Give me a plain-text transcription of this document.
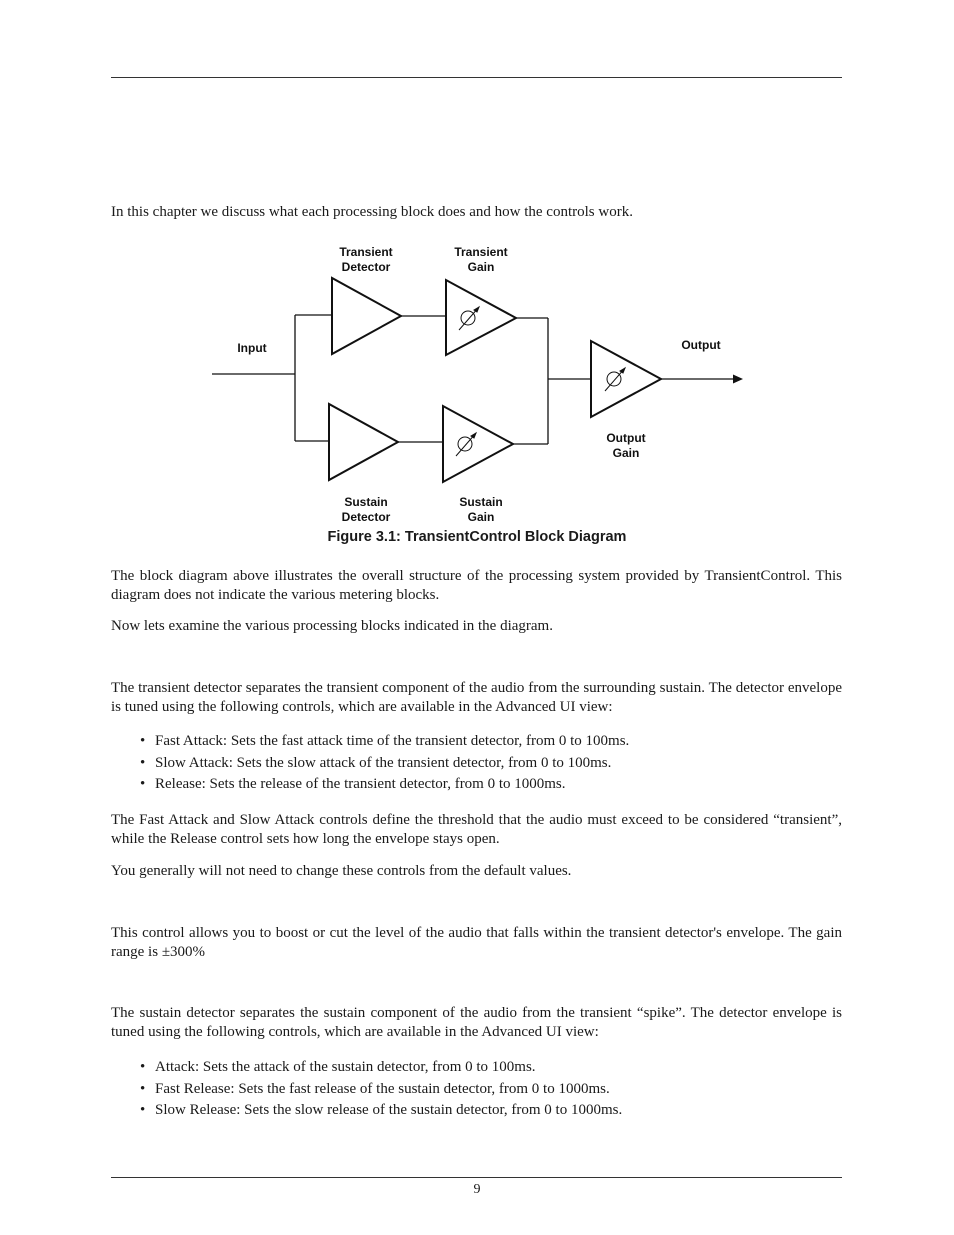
In this chapter we discuss what each processing block does and how the controls work.

Input	Output
Transient
Detector
Transient
Gain
Sustain
Detector
Sustain
Gain
Output
Gain
Figure 3.1: TransientControl Block Diagram

The block diagram above illustrates the overall structure of the processing system provided by TransientControl. This diagram does not indicate the various metering blocks.

Now lets examine the various processing blocks indicated in the diagram.

The transient detector separates the transient component of the audio from the surrounding sustain. The detector envelope is tuned using the following controls, which are available in the Advanced UI view:

• Fast Attack: Sets the fast attack time of the transient detector, from 0 to 100ms.
• Slow Attack: Sets the slow attack of the transient detector, from 0 to 100ms.
• Release: Sets the release of the transient detector, from 0 to 1000ms.

The Fast Attack and Slow Attack controls define the threshold that the audio must exceed to be considered “transient”, while the Release control sets how long the envelope stays open.

You generally will not need to change these controls from the default values.

This control allows you to boost or cut the level of the audio that falls within the transient detector's envelope. The gain range is ±300%

The sustain detector separates the sustain component of the audio from the transient “spike”. The detector envelope is tuned using the following controls, which are available in the Advanced UI view:

• Attack: Sets the attack of the sustain detector, from 0 to 100ms.
• Fast Release: Sets the fast release of the sustain detector, from 0 to 1000ms.
• Slow Release: Sets the slow release of the sustain detector, from 0 to 1000ms.
9
